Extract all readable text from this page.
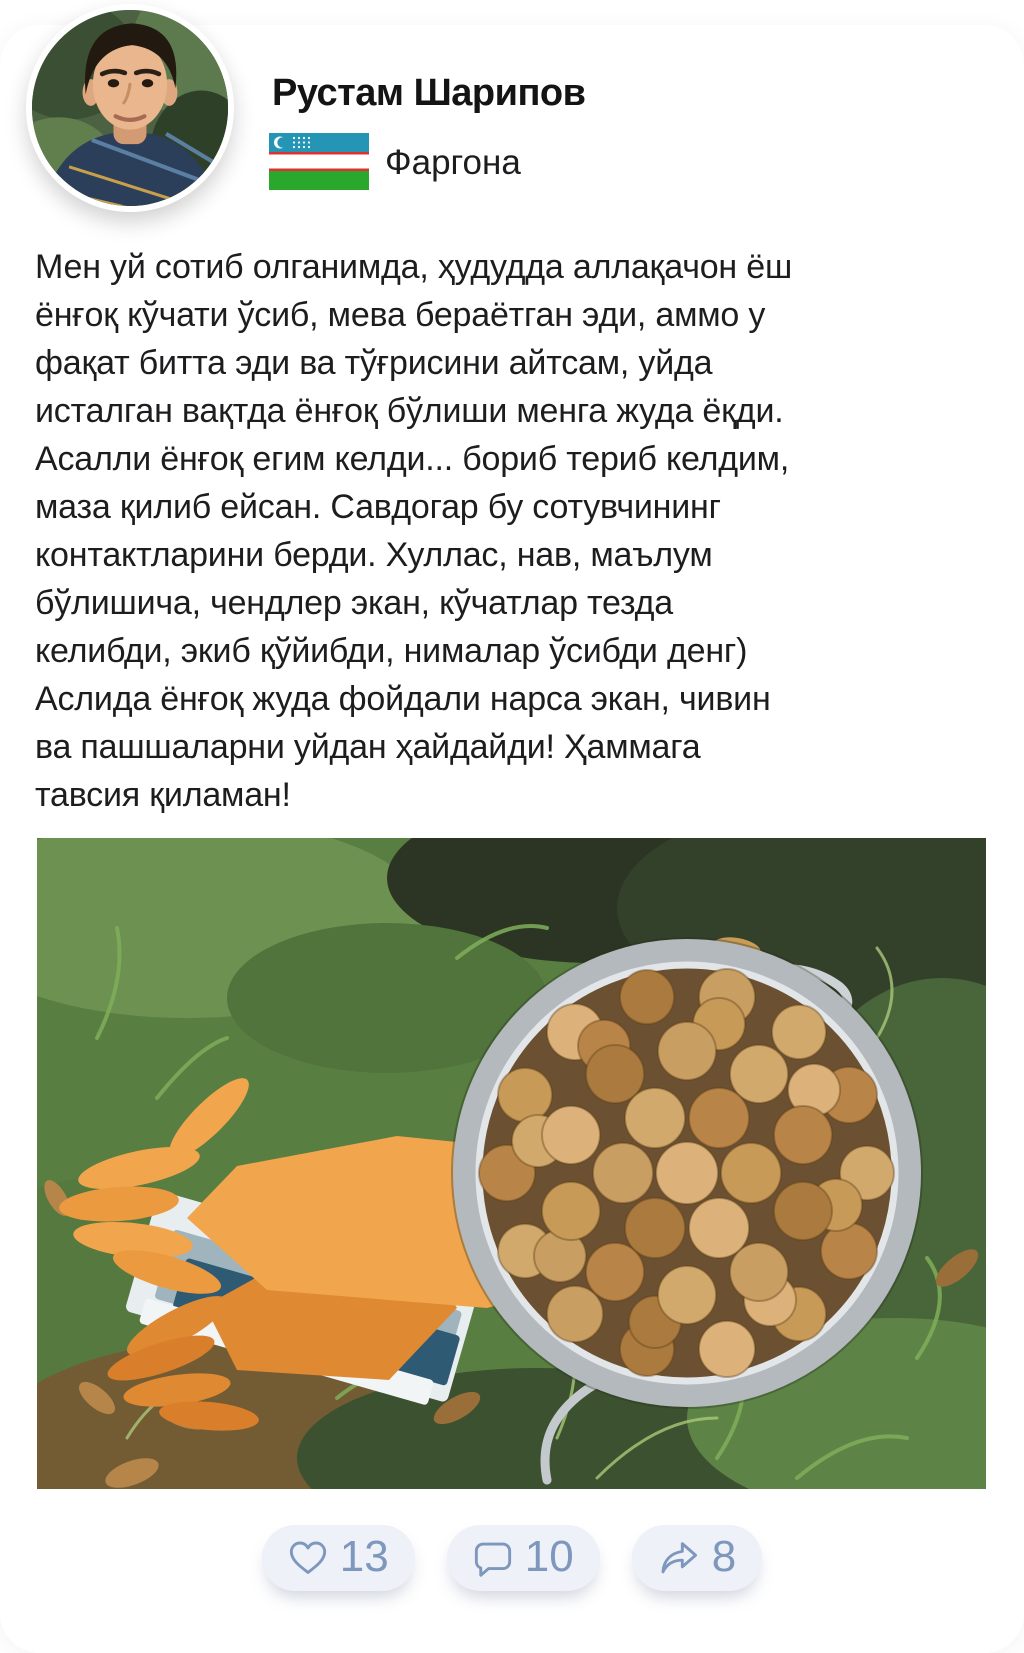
Рустам Шарипов
Фаргона
Мен уй сотиб олганимда, ҳудудда аллақачон ёш
ёнғоқ кўчати ўсиб, мева бераётган эди, аммо у
фақат битта эди ва тўғрисини айтсам, уйда
исталган вақтда ёнғоқ бўлиши менга жуда ёқди.
Асалли ёнғоқ егим келди... бориб териб келдим,
маза қилиб ейсан. Савдогар бу сотувчининг
контактларини берди. Хуллас, нав, маълум
бўлишича, чендлер экан, кўчатлар тезда
келибди, экиб қўйибди, нималар ўсибди денг)
Аслида ёнғоқ жуда фойдали нарса экан, чивин
ва пашшаларни уйдан ҳайдайди! Ҳаммага
тавсия қиламан!
13	10	8
